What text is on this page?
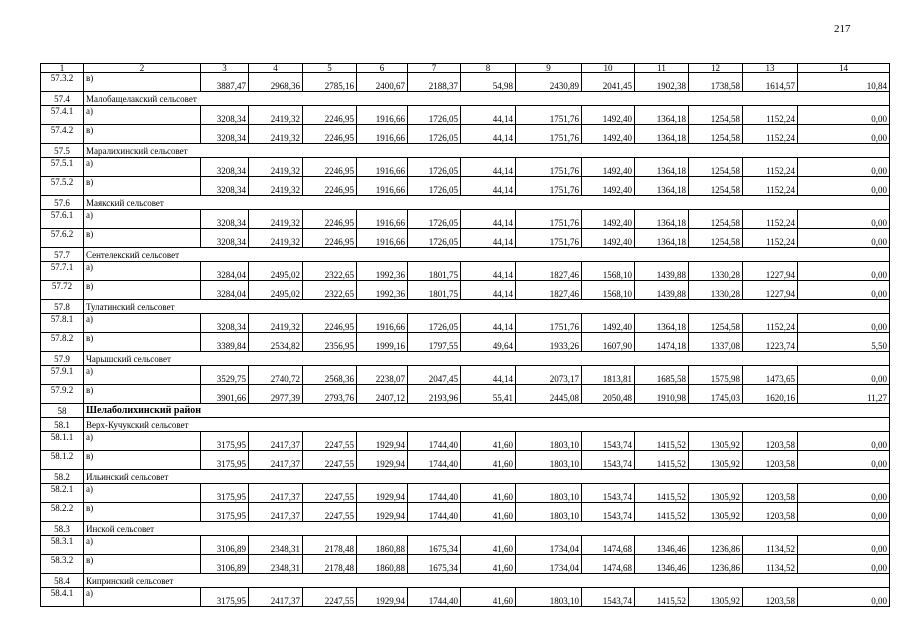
217
1	2	3	4	5	6	7	8	9	10	11	12	13	14
57.3.2	в)	3887,47	2968,36	2785,16	2400,67	2188,37	54,98	2430,89	2041,45	1902,38	1738,58	1614,57	10,84
57.4	Малобащелакский сельсовет												
57.4.1	а)	3208,34	2419,32	2246,95	1916,66	1726,05	44,14	1751,76	1492,40	1364,18	1254,58	1152,24	0,00
57.4.2	в)	3208,34	2419,32	2246,95	1916,66	1726,05	44,14	1751,76	1492,40	1364,18	1254,58	1152,24	0,00
57.5	Маралихинский сельсовет												
57.5.1	а)	3208,34	2419,32	2246,95	1916,66	1726,05	44,14	1751,76	1492,40	1364,18	1254,58	1152,24	0,00
57.5.2	в)	3208,34	2419,32	2246,95	1916,66	1726,05	44,14	1751,76	1492,40	1364,18	1254,58	1152,24	0,00
57.6	Маякский сельсовет												
57.6.1	а)	3208,34	2419,32	2246,95	1916,66	1726,05	44,14	1751,76	1492,40	1364,18	1254,58	1152,24	0,00
57.6.2	в)	3208,34	2419,32	2246,95	1916,66	1726,05	44,14	1751,76	1492,40	1364,18	1254,58	1152,24	0,00
57.7	Сентелекский сельсовет												
57.7.1	а)	3284,04	2495,02	2322,65	1992,36	1801,75	44,14	1827,46	1568,10	1439,88	1330,28	1227,94	0,00
57.72	в)	3284,04	2495,02	2322,65	1992,36	1801,75	44,14	1827,46	1568,10	1439,88	1330,28	1227,94	0,00
57.8	Тулатинский сельсовет												
57.8.1	а)	3208,34	2419,32	2246,95	1916,66	1726,05	44,14	1751,76	1492,40	1364,18	1254,58	1152,24	0,00
57.8.2	в)	3389,84	2534,82	2356,95	1999,16	1797,55	49,64	1933,26	1607,90	1474,18	1337,08	1223,74	5,50
57.9	Чарышский сельсовет												
57.9.1	а)	3529,75	2740,72	2568,36	2238,07	2047,45	44,14	2073,17	1813,81	1685,58	1575,98	1473,65	0,00
57.9.2	в)	3901,66	2977,39	2793,76	2407,12	2193,96	55,41	2445,08	2050,48	1910,98	1745,03	1620,16	11,27
58	Шелаболихинский район												
58.1	Верх-Кучукский сельсовет												
58.1.1	а)	3175,95	2417,37	2247,55	1929,94	1744,40	41,60	1803,10	1543,74	1415,52	1305,92	1203,58	0,00
58.1.2	в)	3175,95	2417,37	2247,55	1929,94	1744,40	41,60	1803,10	1543,74	1415,52	1305,92	1203,58	0,00
58.2	Ильинский сельсовет												
58.2.1	а)	3175,95	2417,37	2247,55	1929,94	1744,40	41,60	1803,10	1543,74	1415,52	1305,92	1203,58	0,00
58.2.2	в)	3175,95	2417,37	2247,55	1929,94	1744,40	41,60	1803,10	1543,74	1415,52	1305,92	1203,58	0,00
58.3	Инской сельсовет												
58.3.1	а)	3106,89	2348,31	2178,48	1860,88	1675,34	41,60	1734,04	1474,68	1346,46	1236,86	1134,52	0,00
58.3.2	в)	3106,89	2348,31	2178,48	1860,88	1675,34	41,60	1734,04	1474,68	1346,46	1236,86	1134,52	0,00
58.4	Кипринский сельсовет												
58.4.1	а)	3175,95	2417,37	2247,55	1929,94	1744,40	41,60	1803,10	1543,74	1415,52	1305,92	1203,58	0,00
